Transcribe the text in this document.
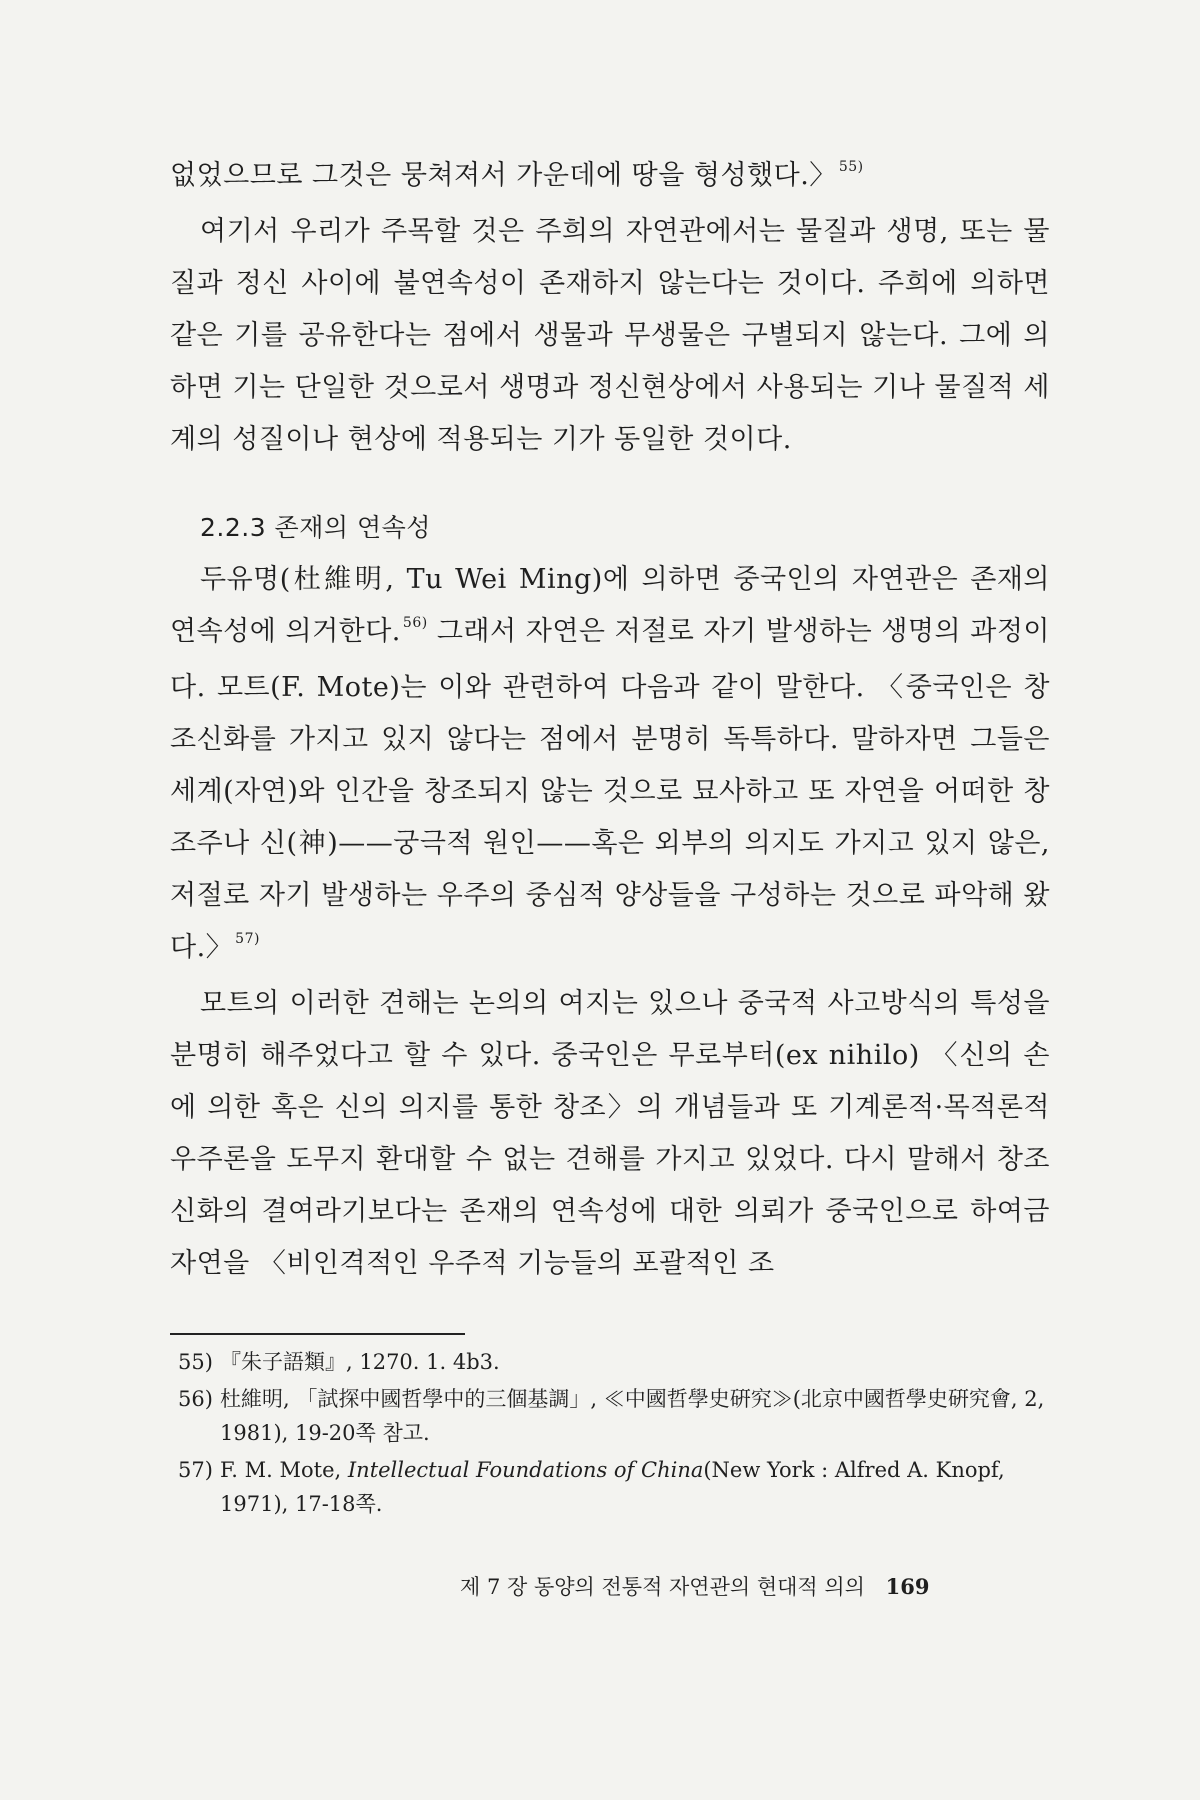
없었으므로 그것은 뭉쳐져서 가운데에 땅을 형성했다.〉 $^{55)}$

여기서 우리가 주목할 것은 주희의 자연관에서는 물질과 생명, 또는 물질과 정신 사이에 불연속성이 존재하지 않는다는 것이다. 주희에 의하면 같은 기를 공유한다는 점에서 생물과 무생물은 구별되지 않는다. 그에 의하면 기는 단일한 것으로서 생명과 정신현상에서 사용되는 기나 물질적 세계의 성질이나 현상에 적용되는 기가 동일한 것이다.

2.2.3 존재의 연속성

두유명(杜維明, Tu Wei Ming)에 의하면 중국인의 자연관은 존재의 연속성에 의거한다. $^{56)}$ 그래서 자연은 저절로 자기 발생하는 생명의 과정이다. 모트(F. Mote)는 이와 관련하여 다음과 같이 말한다. 〈중국인은 창조신화를 가지고 있지 않다는 점에서 분명히 독특하다. 말하자면 그들은 세계(자연)와 인간을 창조되지 않는 것으로 묘사하고 또 자연을 어떠한 창조주나 신(神)——궁극적 원인——혹은 외부의 의지도 가지고 있지 않은, 저절로 자기 발생하는 우주의 중심적 양상들을 구성하는 것으로 파악해 왔다.〉 $^{57)}$

모트의 이러한 견해는 논의의 여지는 있으나 중국적 사고방식의 특성을 분명히 해주었다고 할 수 있다. 중국인은 무로부터(ex nihilo) 〈신의 손에 의한 혹은 신의 의지를 통한 창조〉의 개념들과 또 기계론적·목적론적 우주론을 도무지 환대할 수 없는 견해를 가지고 있었다. 다시 말해서 창조신화의 결여라기보다는 존재의 연속성에 대한 의뢰가 중국인으로 하여금 자연을 〈비인격적인 우주적 기능들의 포괄적인 조

55) 『朱子語類』, 1270. 1. 4b3.
56) 杜維明, 「試探中國哲學中的三個基調」, ≪中國哲學史硏究≫(北京中國哲學史硏究會, 2, 1981), 19-20쪽 참고.
57) F. M. Mote, Intellectual Foundations of China(New York : Alfred A. Knopf, 1971), 17-18쪽.
제 7 장 동양의 전통적 자연관의 현대적 의의 169
